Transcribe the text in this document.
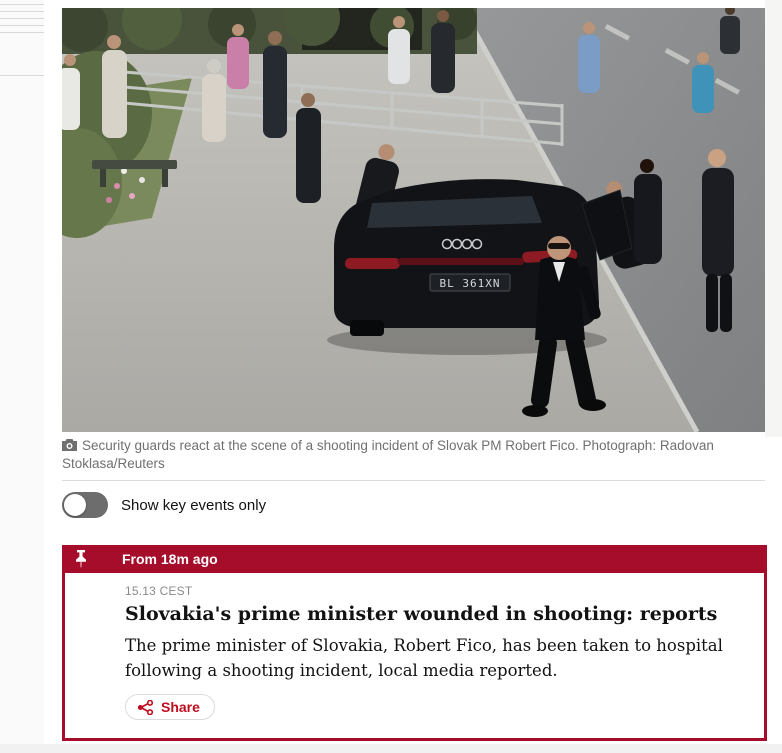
BL 361XN
Security guards react at the scene of a shooting incident of Slovak PM Robert Fico. Photograph: Radovan Stoklasa/Reuters
Show key events only
From 18m ago
15.13 CEST
Slovakia's prime minister wounded in shooting: reports
The prime minister of Slovakia, Robert Fico, has been taken to hospital following a shooting incident, local media reported.
Share
